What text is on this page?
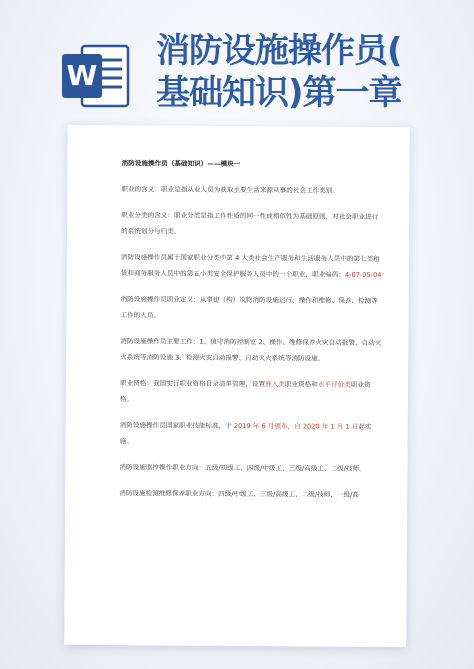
W
消防设施操作员(
基础知识)第一章
消防设施操作员（基础知识）——模块一
职业的含义：职业是指从业人员为获取主要生活来源从事的社会工作类别。
职业分类的含义：职业分类是指工作性质的同一性或相似性为基础原则，对社会职业进行的系统划分与归类。
消防设施操作员属于国家职业分类中第 4 大类社会生产服务和生活服务人员中的第七类租赁和商务服务人员中的第五小类安全保护服务人员中的一个职业，职业编码：4-07-05-04
消防设施操作员职业定义：从事建（构）筑物消防设施运行、操作和维修、保养、检测等工作的人员。
消防设施操作员主要工作：1、值守消防控制室 2、操作、维修保养火灾自动报警、自动灭火系统等消防设施 3、检测火灾自动报警、自动灭火系统等消防设施。
职业资格：我国实行职业资格目录清单管理，设置准入类职业资格和水平评价类职业资格。
消防设施操作员国家职业技能标准，于 2019 年 6 月颁布，自 2020 年 1 月 1 日起实施。
消防设施监控操作职业方向：五级/初级工、四级/中级工、三级/高级工、二级/技师。
消防设施检测维修保养职业方向：四级/中级工、三级/高级工、二级/技师、一级/高
